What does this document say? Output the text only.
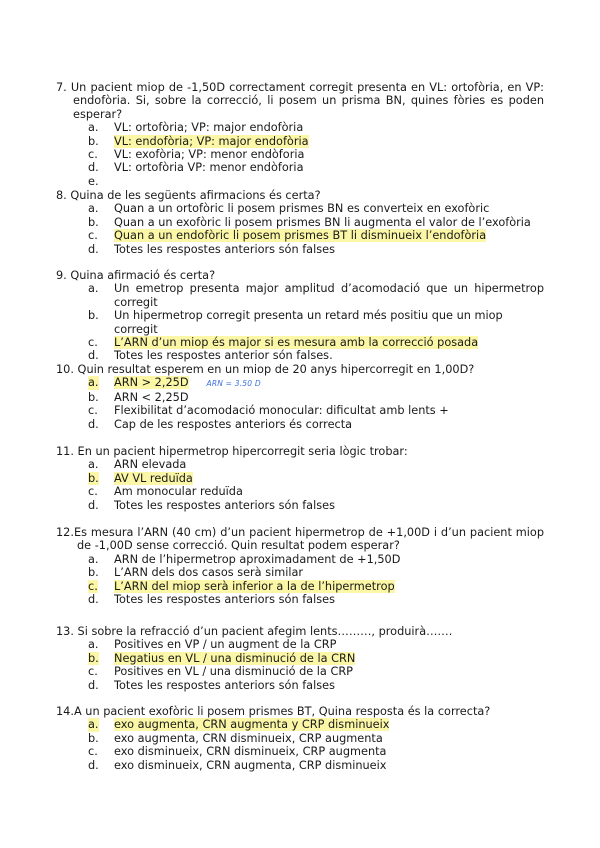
7. Un pacient miop de -1,50D correctament corregit presenta en VL: ortofòria, en VP: endofòria. Si, sobre la correcció, li posem un prisma BN, quines fòries es poden esperar?
a. VL: ortofòria; VP: major endofòria
b. VL: endofòria; VP: major endofòria
c. VL: exofòria; VP: menor endòforia
d. VL: ortofòria VP: menor endòforia
e.

8. Quina de les següents afirmacions és certa?
a. Quan a un ortofòric li posem prismes BN es converteix en exofòric
b. Quan a un exofòric li posem prismes BN li augmenta el valor de l’exofòria
c. Quan a un endofòric li posem prismes BT li disminueix l’endofòria
d. Totes les respostes anteriors són falses
9. Quina afirmació és certa?
a. Un emetrop presenta major amplitud d’acomodació que un hipermetrop corregit
b. Un hipermetrop corregit presenta un retard més positiu que un miop corregit
c. L’ARN d’un miop és major si es mesura amb la correcció posada
d. Totes les respostes anterior són falses.
10. Quin resultat esperem en un miop de 20 anys hipercorregit en 1,00D?
a. ARN > 2,25D ARN = 3.50 D
b. ARN < 2,25D
c. Flexibilitat d’acomodació monocular: dificultat amb lents +
d. Cap de les respostes anteriors és correcta
11. En un pacient hipermetrop hipercorregit seria lògic trobar:
a. ARN elevada
b. AV VL reduïda
c. Am monocular reduïda
d. Totes les respostes anteriors són falses
12.Es mesura l’ARN (40 cm) d’un pacient hipermetrop de +1,00D i d’un pacient miop de -1,00D sense correcció. Quin resultat podem esperar?
a. ARN de l’hipermetrop aproximadament de +1,50D
b. L’ARN dels dos casos serà similar
c. L’ARN del miop serà inferior a la de l’hipermetrop
d. Totes les respostes anteriors són falses
13. Si sobre la refracció d’un pacient afegim lents………, produirà…….
a. Positives en VP / un augment de la CRP
b. Negatius en VL / una disminució de la CRN
c. Positives en VL / una disminució de la CRP
d. Totes les respostes anteriors són falses
14.A un pacient exofòric li posem prismes BT, Quina resposta és la correcta?
a. exo augmenta, CRN augmenta y CRP disminueix
b. exo augmenta, CRN disminueix, CRP augmenta
c. exo disminueix, CRN disminueix, CRP augmenta
d. exo disminueix, CRN augmenta, CRP disminueix
